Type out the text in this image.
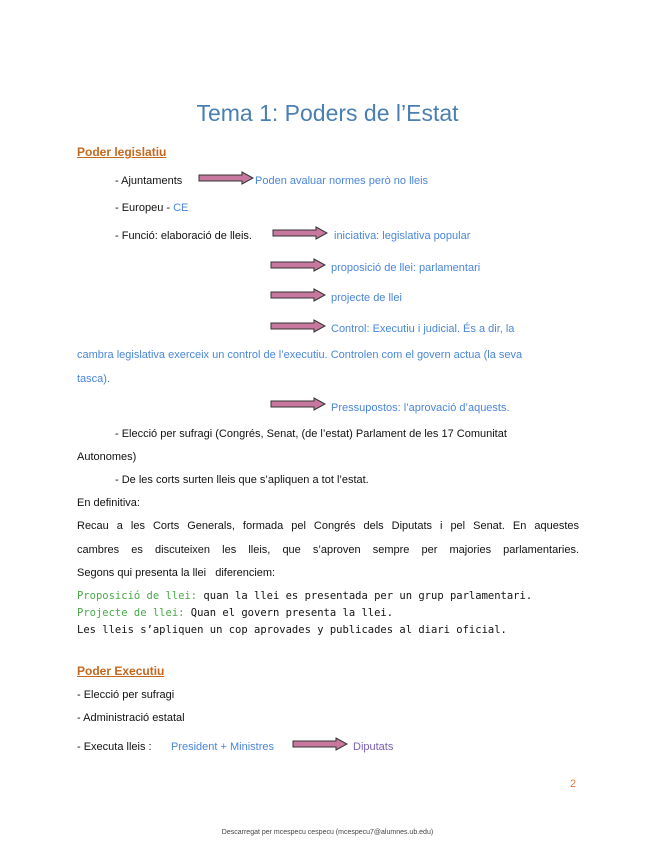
Tema 1: Poders de l’Estat
Poder legislatiu
- Ajuntaments	Poden avaluar normes però no lleis
- Europeu - CE
- Funció: elaboració de lleis.	iniciativa: legislativa popular
proposició de llei: parlamentari
projecte de llei
Control: Executiu i judicial. És a dir, la
cambra legislativa exerceix un control de l’executiu. Controlen com el govern actua (la seva
tasca).
Pressupostos: l’aprovació d’aquests.
- Elecció per sufragi (Congrés, Senat, (de l’estat) Parlament de les 17 Comunitat
Autonomes)
- De les corts surten lleis que s’apliquen a tot l’estat.
En definitiva:
Recau a les Corts Generals, formada pel Congrés dels Diputats i pel Senat. En aquestes
cambres es discuteixen les lleis, que s’aproven sempre per majories parlamentaries.
Segons qui presenta la llei   diferenciem:
Proposició de llei: quan la llei es presentada per un grup parlamentari.
Projecte de llei: Quan el govern presenta la llei.
Les lleis s’apliquen un cop aprovades y publicades al diari oficial.
Poder Executiu
- Elecció per sufragi
- Administració estatal
- Executa lleis : President + Ministres	Diputats
2
Descarregat per mcespecu cespecu (mcespecu7@alumnes.ub.edu)
